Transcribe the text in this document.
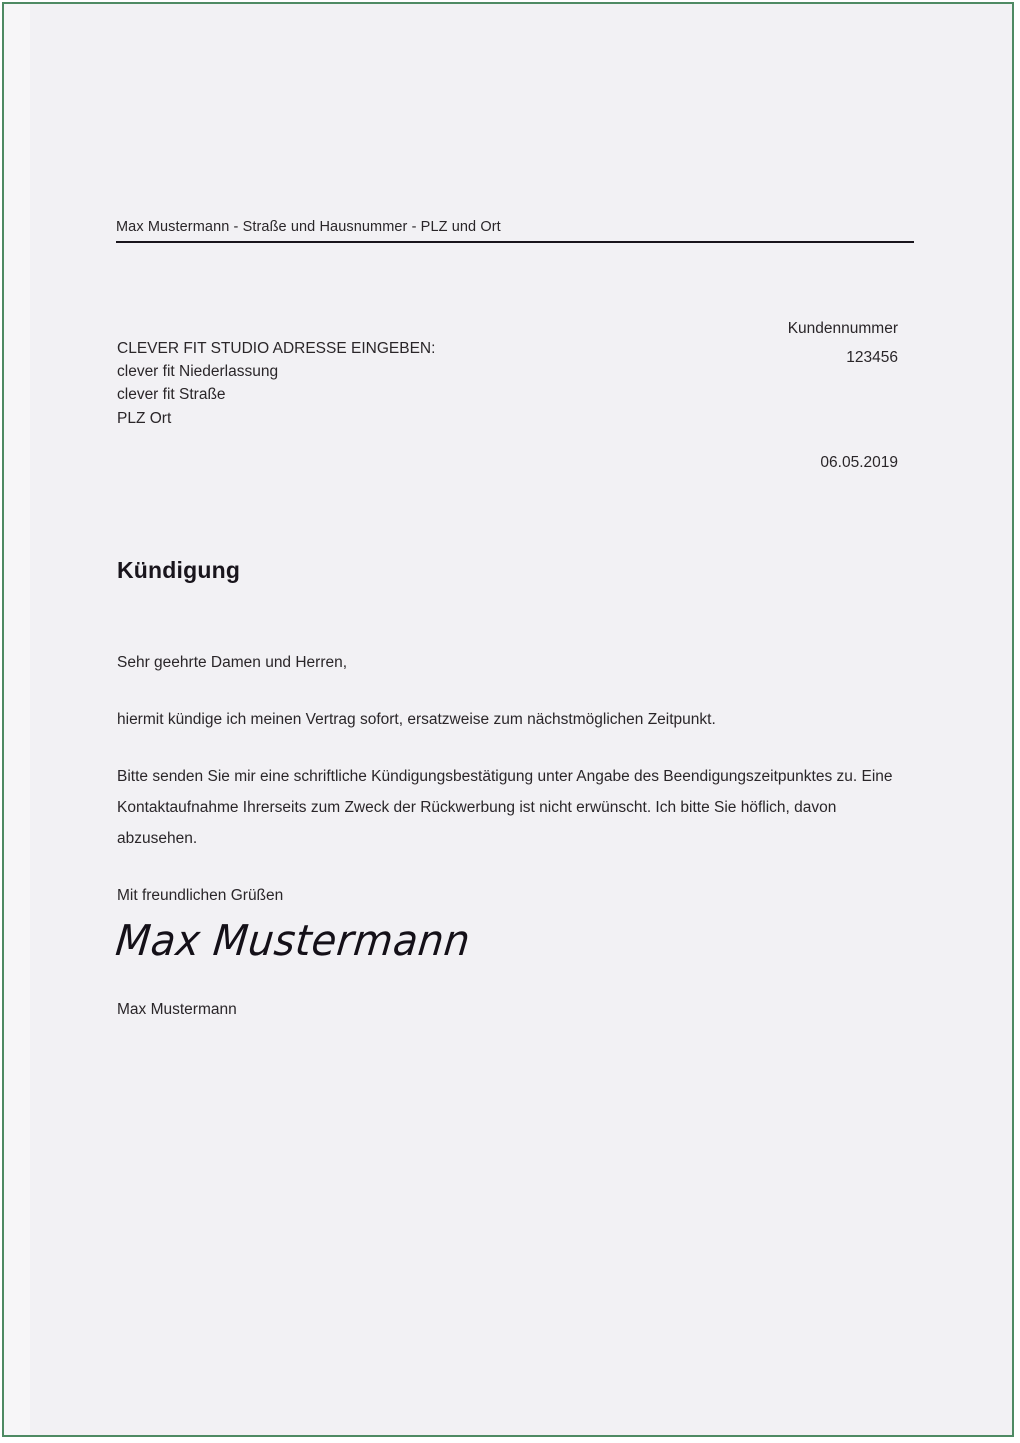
Max Mustermann - Straße und Hausnummer - PLZ und Ort
Kundennummer
123456
CLEVER FIT STUDIO ADRESSE EINGEBEN:
clever fit Niederlassung
clever fit Straße
PLZ Ort
06.05.2019
Kündigung

Sehr geehrte Damen und Herren,

hiermit kündige ich meinen Vertrag sofort, ersatzweise zum nächstmöglichen Zeitpunkt.

Bitte senden Sie mir eine schriftliche Kündigungsbestätigung unter Angabe des Beendigungszeitpunktes zu. Eine Kontaktaufnahme Ihrerseits zum Zweck der Rückwerbung ist nicht erwünscht. Ich bitte Sie höflich, davon abzusehen.

Mit freundlichen Grüßen

Max Mustermann
Max Mustermann
